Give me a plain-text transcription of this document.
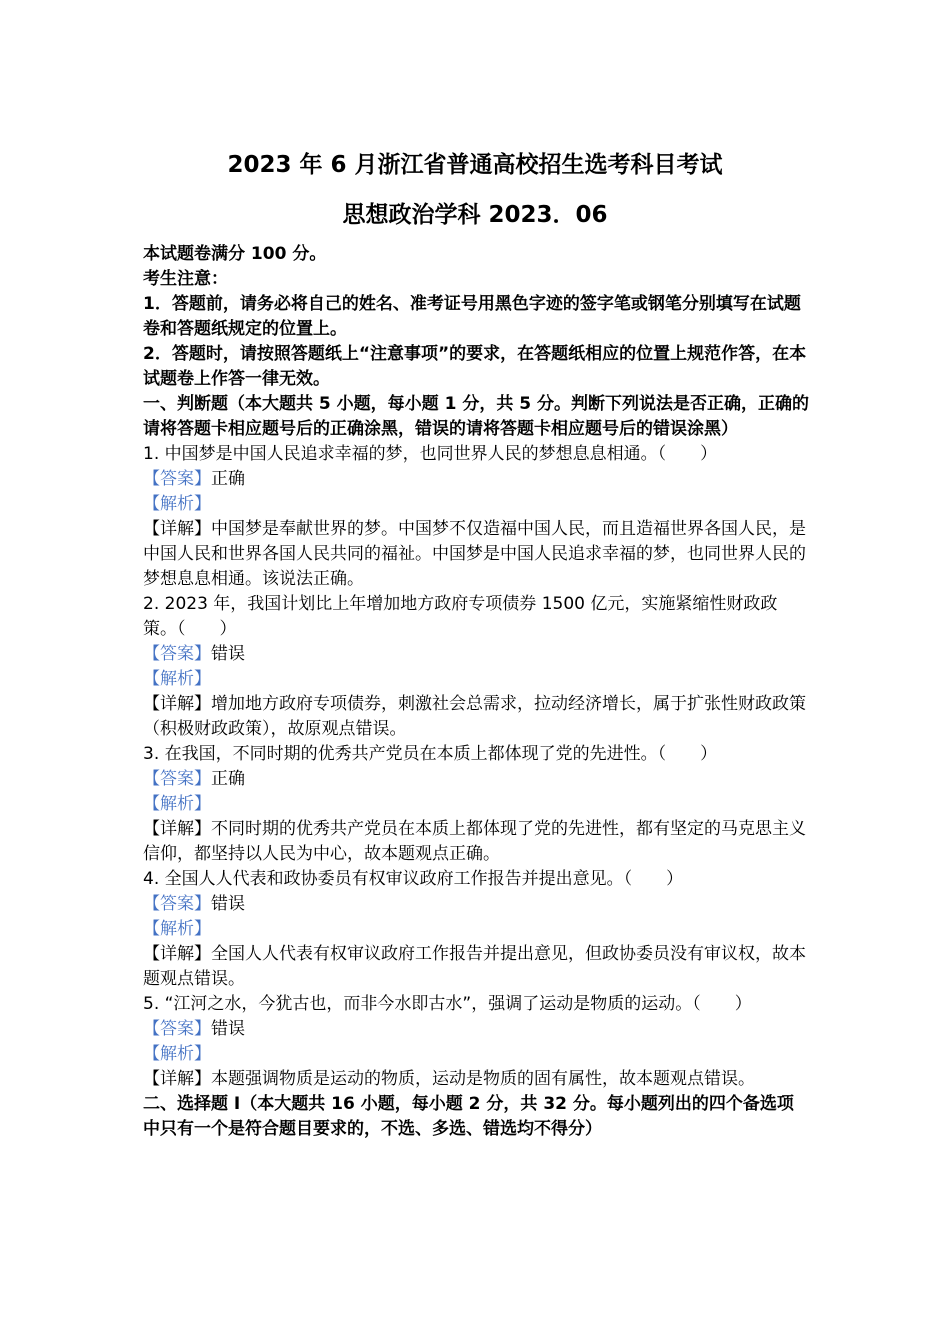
2023 年 6 月浙江省普通高校招生选考科目考试
思想政治学科 2023．06

本试题卷满分 100 分。

考生注意：

1．答题前，请务必将自己的姓名、准考证号用黑色字迹的签字笔或钢笔分别填写在试题卷和答题纸规定的位置上。

2．答题时，请按照答题纸上“注意事项”的要求，在答题纸相应的位置上规范作答，在本试题卷上作答一律无效。

一、判断题（本大题共 5 小题，每小题 1 分，共 5 分。判断下列说法是否正确，正确的请将答题卡相应题号后的正确涂黑，错误的请将答题卡相应题号后的错误涂黑）

1. 中国梦是中国人民追求幸福的梦，也同世界人民的梦想息息相通。（　　）

【答案】正确

【解析】

【详解】中国梦是奉献世界的梦。中国梦不仅造福中国人民，而且造福世界各国人民，是中国人民和世界各国人民共同的福祉。中国梦是中国人民追求幸福的梦，也同世界人民的梦想息息相通。该说法正确。

2. 2023 年，我国计划比上年增加地方政府专项债券 1500 亿元，实施紧缩性财政政策。（　　）

【答案】错误

【解析】

【详解】增加地方政府专项债券，刺激社会总需求，拉动经济增长，属于扩张性财政政策（积极财政政策），故原观点错误。

3. 在我国，不同时期的优秀共产党员在本质上都体现了党的先进性。（　　）

【答案】正确

【解析】

【详解】不同时期的优秀共产党员在本质上都体现了党的先进性，都有坚定的马克思主义信仰，都坚持以人民为中心，故本题观点正确。

4. 全国人人代表和政协委员有权审议政府工作报告并提出意见。（　　）

【答案】错误

【解析】

【详解】全国人人代表有权审议政府工作报告并提出意见，但政协委员没有审议权，故本题观点错误。

5. “江河之水，今犹古也，而非今水即古水”，强调了运动是物质的运动。（　　）

【答案】错误

【解析】

【详解】本题强调物质是运动的物质，运动是物质的固有属性，故本题观点错误。

二、选择题 I（本大题共 16 小题，每小题 2 分，共 32 分。每小题列出的四个备选项中只有一个是符合题目要求的，不选、多选、错选均不得分）
